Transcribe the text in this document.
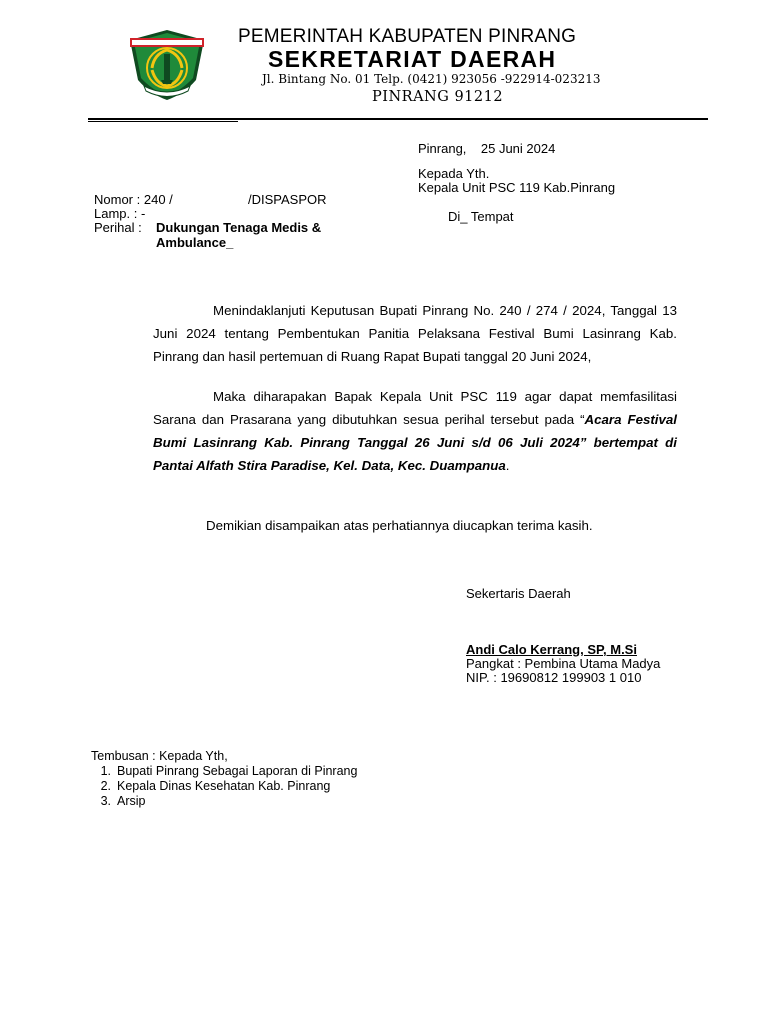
PEMERINTAH KABUPATEN PINRANG
SEKRETARIAT DAERAH
Jl. Bintang No. 01 Telp. (0421) 923056 -922914-023213
PINRANG 91212
Pinrang, 25 Juni 2024
Kepada Yth.
Kepala Unit PSC 119 Kab.Pinrang
Di_ Tempat
Nomor : 240 /	/DISPASPOR
Lamp. : -
Perihal : Dukungan Tenaga Medis &
Ambulance_
Menindaklanjuti Keputusan Bupati Pinrang No. 240 / 274 / 2024, Tanggal 13 Juni 2024 tentang Pembentukan Panitia Pelaksana Festival Bumi Lasinrang Kab. Pinrang dan hasil pertemuan di Ruang Rapat Bupati tanggal 20 Juni 2024,
Maka diharapakan Bapak Kepala Unit PSC 119 agar dapat memfasilitasi Sarana dan Prasarana yang dibutuhkan sesua perihal tersebut pada “Acara Festival Bumi Lasinrang Kab. Pinrang Tanggal 26 Juni s/d 06 Juli 2024” bertempat di Pantai Alfath Stira Paradise, Kel. Data, Kec. Duampanua.
Demikian disampaikan atas perhatiannya diucapkan terima kasih.
Sekertaris Daerah
Andi Calo Kerrang, SP, M.Si
Pangkat : Pembina Utama Madya
NIP. : 19690812 199903 1 010
Tembusan : Kepada Yth,
1. Bupati Pinrang Sebagai Laporan di Pinrang
2. Kepala Dinas Kesehatan Kab. Pinrang
3. Arsip
